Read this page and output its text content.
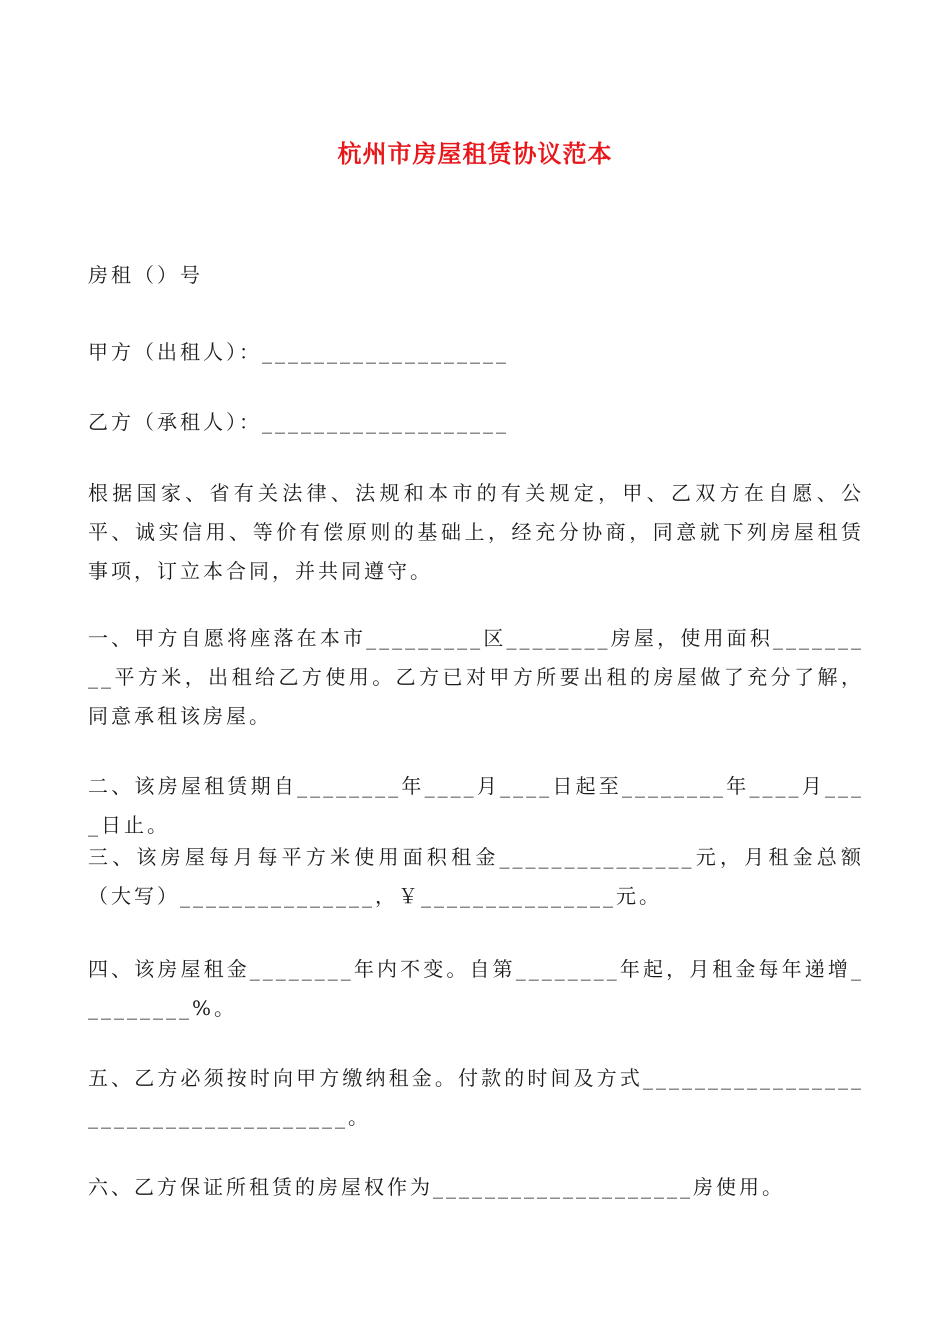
杭州市房屋租赁协议范本
房租（）号
甲方（出租人）：___________________
乙方（承租人）：___________________
根据国家、省有关法律、法规和本市的有关规定，甲、乙双方在自愿、公平、诚实信用、等价有偿原则的基础上，经充分协商，同意就下列房屋租赁事项，订立本合同，并共同遵守。
一、甲方自愿将座落在本市_________区________房屋，使用面积_________平方米，出租给乙方使用。乙方已对甲方所要出租的房屋做了充分了解，同意承租该房屋。
二、该房屋租赁期自________年____月____日起至________年____月____日止。
三、该房屋每月每平方米使用面积租金_______________元，月租金总额（大写）_______________，￥_______________元。
四、该房屋租金________年内不变。自第________年起，月租金每年递增_________%。
五、乙方必须按时向甲方缴纳租金。付款的时间及方式_____________________________________。
六、乙方保证所租赁的房屋权作为____________________房使用。
